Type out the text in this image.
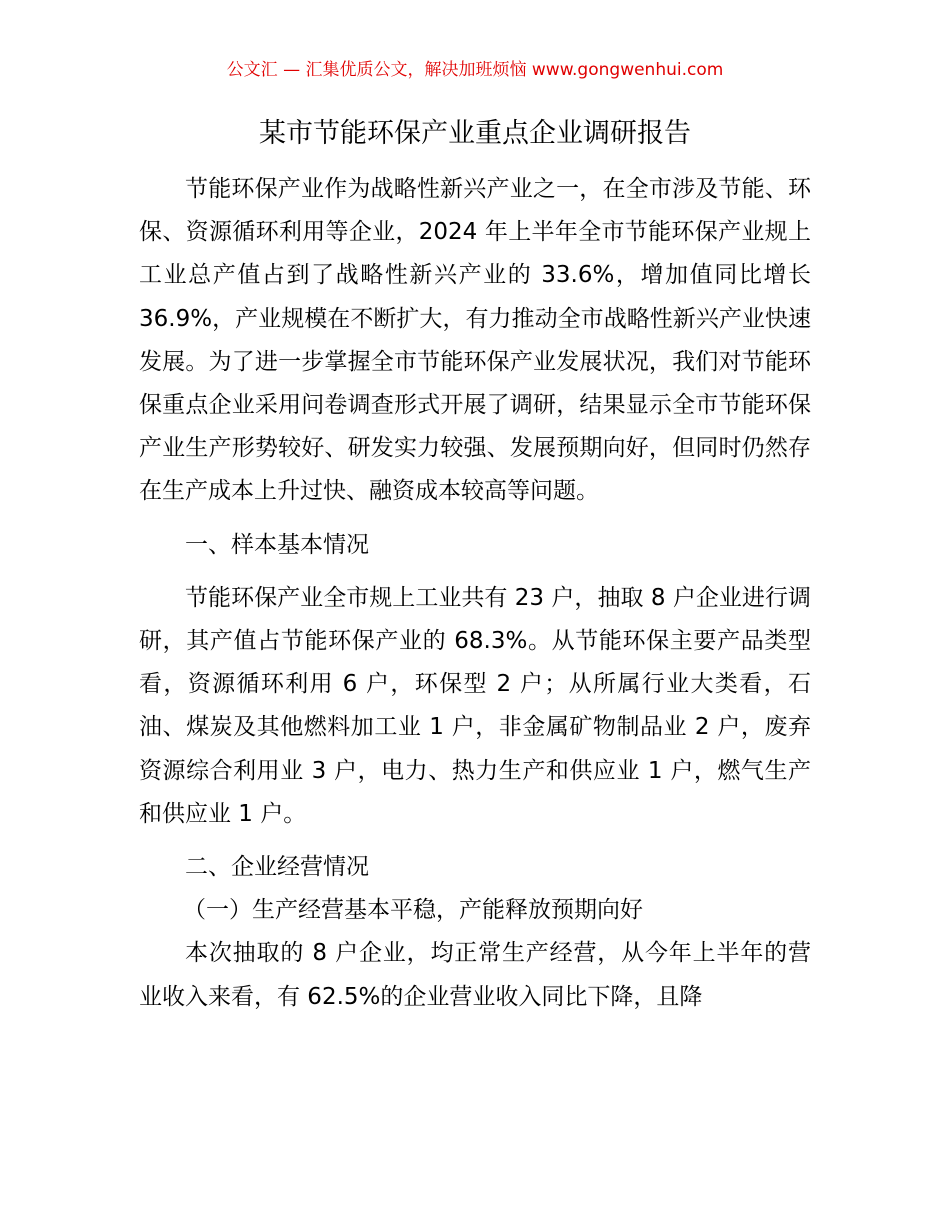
公文汇 — 汇集优质公文，解决加班烦恼 www.gongwenhui.com
某市节能环保产业重点企业调研报告

节能环保产业作为战略性新兴产业之一，在全市涉及节能、环保、资源循环利用等企业，2024 年上半年全市节能环保产业规上工业总产值占到了战略性新兴产业的 33.6%，增加值同比增长 36.9%，产业规模在不断扩大，有力推动全市战略性新兴产业快速发展。为了进一步掌握全市节能环保产业发展状况，我们对节能环保重点企业采用问卷调查形式开展了调研，结果显示全市节能环保产业生产形势较好、研发实力较强、发展预期向好，但同时仍然存在生产成本上升过快、融资成本较高等问题。

一、样本基本情况

节能环保产业全市规上工业共有 23 户，抽取 8 户企业进行调研，其产值占节能环保产业的 68.3%。从节能环保主要产品类型看，资源循环利用 6 户，环保型 2 户；从所属行业大类看，石油、煤炭及其他燃料加工业 1 户，非金属矿物制品业 2 户，废弃资源综合利用业 3 户，电力、热力生产和供应业 1 户，燃气生产和供应业 1 户。

二、企业经营情况

（一）生产经营基本平稳，产能释放预期向好

本次抽取的 8 户企业，均正常生产经营，从今年上半年的营业收入来看，有 62.5%的企业营业收入同比下降，且降
